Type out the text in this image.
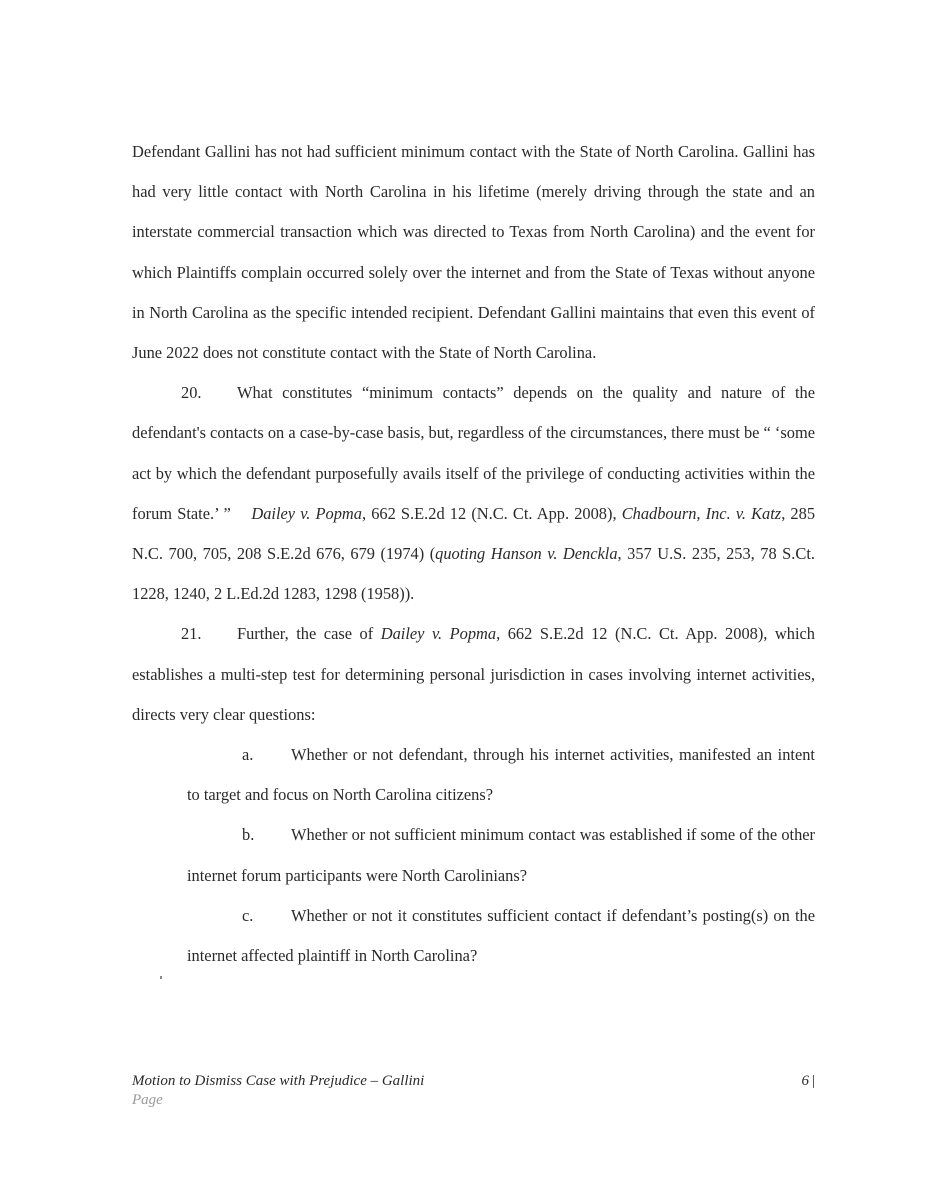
Defendant Gallini has not had sufficient minimum contact with the State of North Carolina. Gallini has had very little contact with North Carolina in his lifetime (merely driving through the state and an interstate commercial transaction which was directed to Texas from North Carolina) and the event for which Plaintiffs complain occurred solely over the internet and from the State of Texas without anyone in North Carolina as the specific intended recipient. Defendant Gallini maintains that even this event of June 2022 does not constitute contact with the State of North Carolina.

20. What constitutes “minimum contacts” depends on the quality and nature of the defendant's contacts on a case-by-case basis, but, regardless of the circumstances, there must be “ ‘some act by which the defendant purposefully avails itself of the privilege of conducting activities within the forum State.’ ” Dailey v. Popma, 662 S.E.2d 12 (N.C. Ct. App. 2008), Chadbourn, Inc. v. Katz, 285 N.C. 700, 705, 208 S.E.2d 676, 679 (1974) (quoting Hanson v. Denckla, 357 U.S. 235, 253, 78 S.Ct. 1228, 1240, 2 L.Ed.2d 1283, 1298 (1958)).

21. Further, the case of Dailey v. Popma, 662 S.E.2d 12 (N.C. Ct. App. 2008), which establishes a multi-step test for determining personal jurisdiction in cases involving internet activities, directs very clear questions:

a. Whether or not defendant, through his internet activities, manifested an intent to target and focus on North Carolina citizens?

b. Whether or not sufficient minimum contact was established if some of the other internet forum participants were North Carolinians?

c. Whether or not it constitutes sufficient contact if defendant’s posting(s) on the internet affected plaintiff in North Carolina?

Motion to Dismiss Case with Prejudice – Gallini
Page
6 |
